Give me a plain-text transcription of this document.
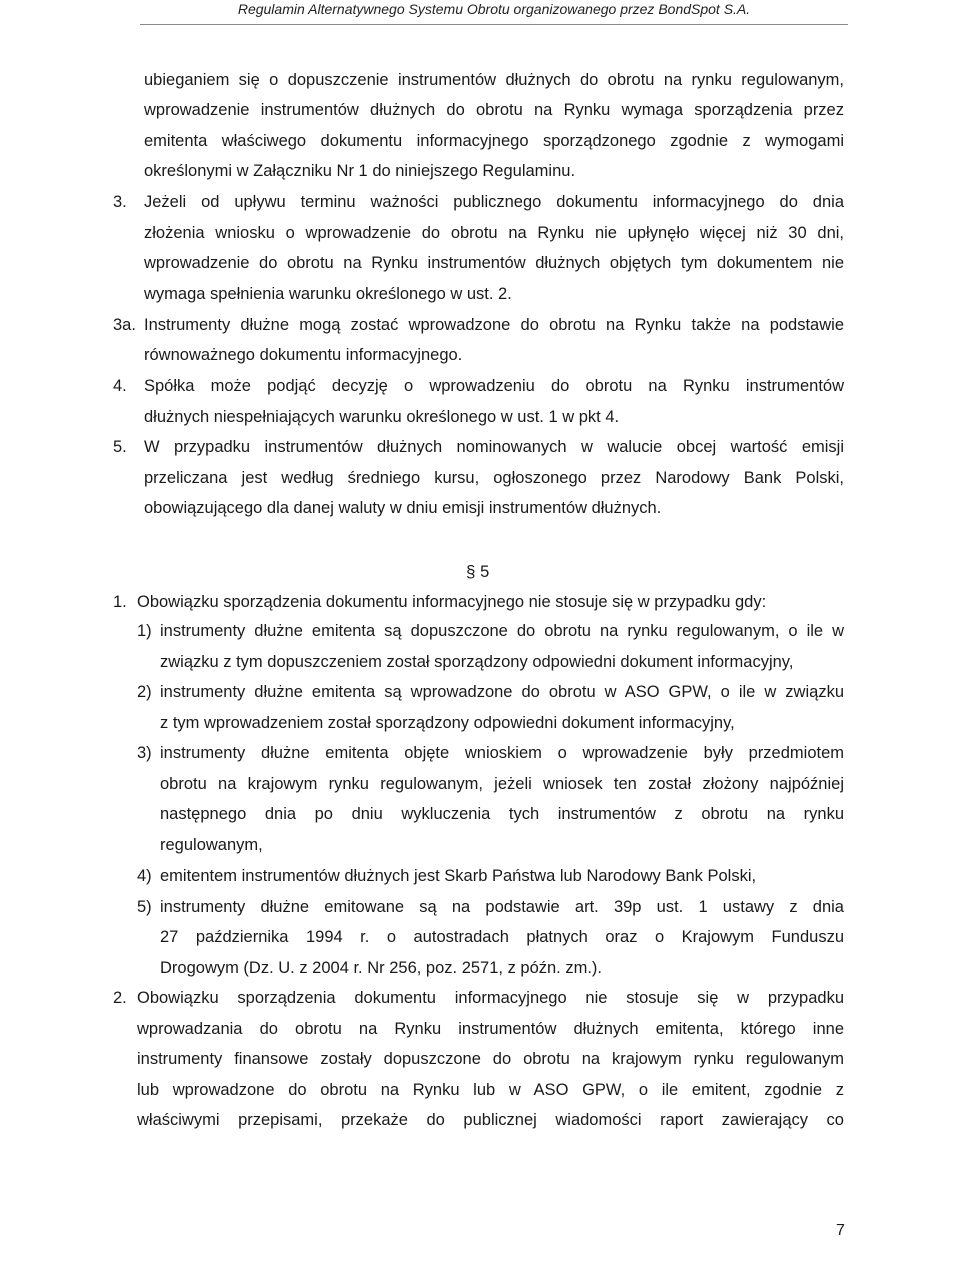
Regulamin Alternatywnego Systemu Obrotu organizowanego przez BondSpot S.A.
ubieganiem się o dopuszczenie instrumentów dłużnych do obrotu na rynku regulowanym,
wprowadzenie instrumentów dłużnych do obrotu na Rynku wymaga sporządzenia przez
emitenta właściwego dokumentu informacyjnego sporządzonego zgodnie z wymogami
określonymi w Załączniku Nr 1 do niniejszego Regulaminu.
3. Jeżeli od upływu terminu ważności publicznego dokumentu informacyjnego do dnia
złożenia wniosku o wprowadzenie do obrotu na Rynku nie upłynęło więcej niż 30 dni,
wprowadzenie do obrotu na Rynku instrumentów dłużnych objętych tym dokumentem nie
wymaga spełnienia warunku określonego w ust. 2.
3a. Instrumenty dłużne mogą zostać wprowadzone do obrotu na Rynku także na podstawie
równoważnego dokumentu informacyjnego.
4. Spółka może podjąć decyzję o wprowadzeniu do obrotu na Rynku instrumentów
dłużnych niespełniających warunku określonego w ust. 1 w pkt 4.
5. W przypadku instrumentów dłużnych nominowanych w walucie obcej wartość emisji
przeliczana jest według średniego kursu, ogłoszonego przez Narodowy Bank Polski,
obowiązującego dla danej waluty w dniu emisji instrumentów dłużnych.
§ 5
1. Obowiązku sporządzenia dokumentu informacyjnego nie stosuje się w przypadku gdy:
1) instrumenty dłużne emitenta są dopuszczone do obrotu na rynku regulowanym, o ile w
związku z tym dopuszczeniem został sporządzony odpowiedni dokument informacyjny,
2) instrumenty dłużne emitenta są wprowadzone do obrotu w ASO GPW, o ile w związku
z tym wprowadzeniem został sporządzony odpowiedni dokument informacyjny,
3) instrumenty dłużne emitenta objęte wnioskiem o wprowadzenie były przedmiotem
obrotu na krajowym rynku regulowanym, jeżeli wniosek ten został złożony najpóźniej
następnego dnia po dniu wykluczenia tych instrumentów z obrotu na rynku
regulowanym,
4) emitentem instrumentów dłużnych jest Skarb Państwa lub Narodowy Bank Polski,
5) instrumenty dłużne emitowane są na podstawie art. 39p ust. 1 ustawy z dnia
27 października 1994 r. o autostradach płatnych oraz o Krajowym Funduszu
Drogowym (Dz. U. z 2004 r. Nr 256, poz. 2571, z późn. zm.).
2. Obowiązku sporządzenia dokumentu informacyjnego nie stosuje się w przypadku
wprowadzania do obrotu na Rynku instrumentów dłużnych emitenta, którego inne
instrumenty finansowe zostały dopuszczone do obrotu na krajowym rynku regulowanym
lub wprowadzone do obrotu na Rynku lub w ASO GPW, o ile emitent, zgodnie z
właściwymi przepisami, przekaże do publicznej wiadomości raport zawierający co
7
